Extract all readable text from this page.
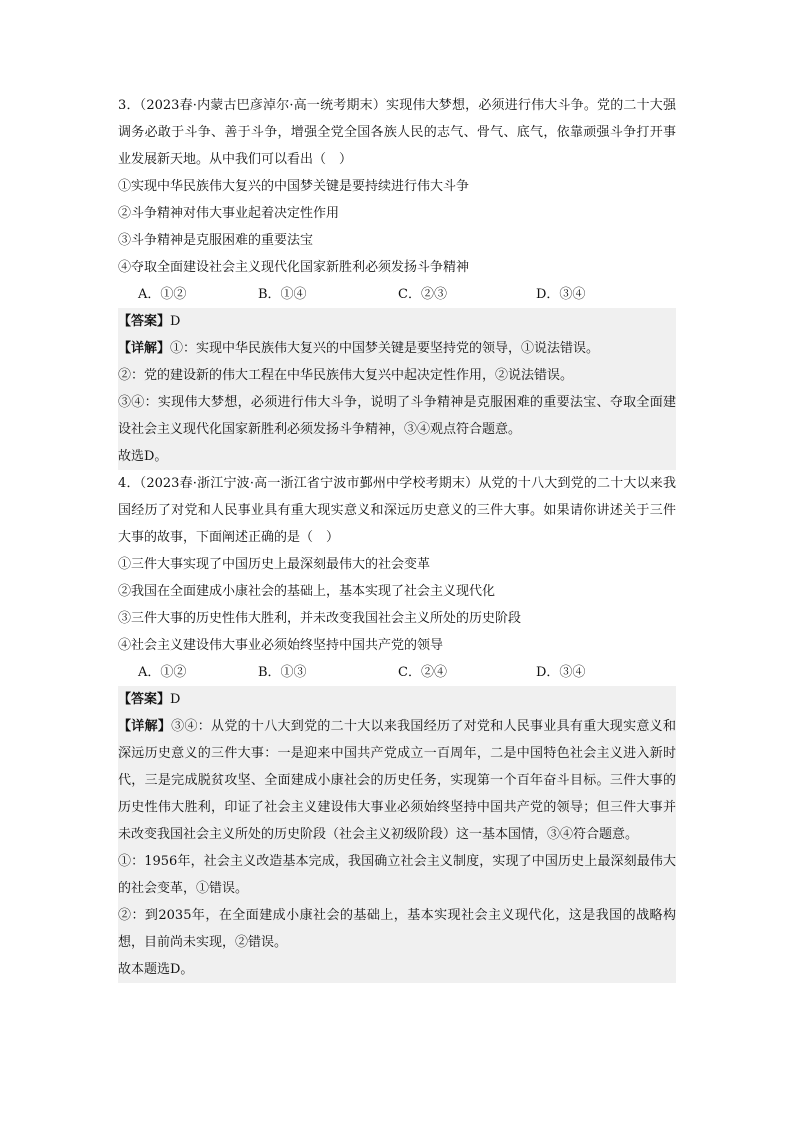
3．（2023春·内蒙古巴彦淖尔·高一统考期末）实现伟大梦想，必须进行伟大斗争。党的二十大强调务必敢于斗争、善于斗争，增强全党全国各族人民的志气、骨气、底气，依靠顽强斗争打开事业发展新天地。从中我们可以看出（　）

①实现中华民族伟大复兴的中国梦关键是要持续进行伟大斗争

②斗争精神对伟大事业起着决定性作用

③斗争精神是克服困难的重要法宝

④夺取全面建设社会主义现代化国家新胜利必须发扬斗争精神

A．①②	B．①④	C．②③	D．③④

【答案】D

【详解】①：实现中华民族伟大复兴的中国梦关键是要坚持党的领导，①说法错误。

②：党的建设新的伟大工程在中华民族伟大复兴中起决定性作用，②说法错误。

③④：实现伟大梦想，必须进行伟大斗争，说明了斗争精神是克服困难的重要法宝、夺取全面建设社会主义现代化国家新胜利必须发扬斗争精神，③④观点符合题意。

故选D。

4．（2023春·浙江宁波·高一浙江省宁波市鄞州中学校考期末）从党的十八大到党的二十大以来我国经历了对党和人民事业具有重大现实意义和深远历史意义的三件大事。如果请你讲述关于三件大事的故事，下面阐述正确的是（　）

①三件大事实现了中国历史上最深刻最伟大的社会变革

②我国在全面建成小康社会的基础上，基本实现了社会主义现代化

③三件大事的历史性伟大胜利，并未改变我国社会主义所处的历史阶段

④社会主义建设伟大事业必须始终坚持中国共产党的领导

A．①②	B．①③	C．②④	D．③④

【答案】D

【详解】③④：从党的十八大到党的二十大以来我国经历了对党和人民事业具有重大现实意义和深远历史意义的三件大事：一是迎来中国共产党成立一百周年，二是中国特色社会主义进入新时代，三是完成脱贫攻坚、全面建成小康社会的历史任务，实现第一个百年奋斗目标。三件大事的历史性伟大胜利，印证了社会主义建设伟大事业必须始终坚持中国共产党的领导；但三件大事并未改变我国社会主义所处的历史阶段（社会主义初级阶段）这一基本国情，③④符合题意。

①：1956年，社会主义改造基本完成，我国确立社会主义制度，实现了中国历史上最深刻最伟大的社会变革，①错误。

②：到2035年，在全面建成小康社会的基础上，基本实现社会主义现代化，这是我国的战略构想，目前尚未实现，②错误。

故本题选D。
